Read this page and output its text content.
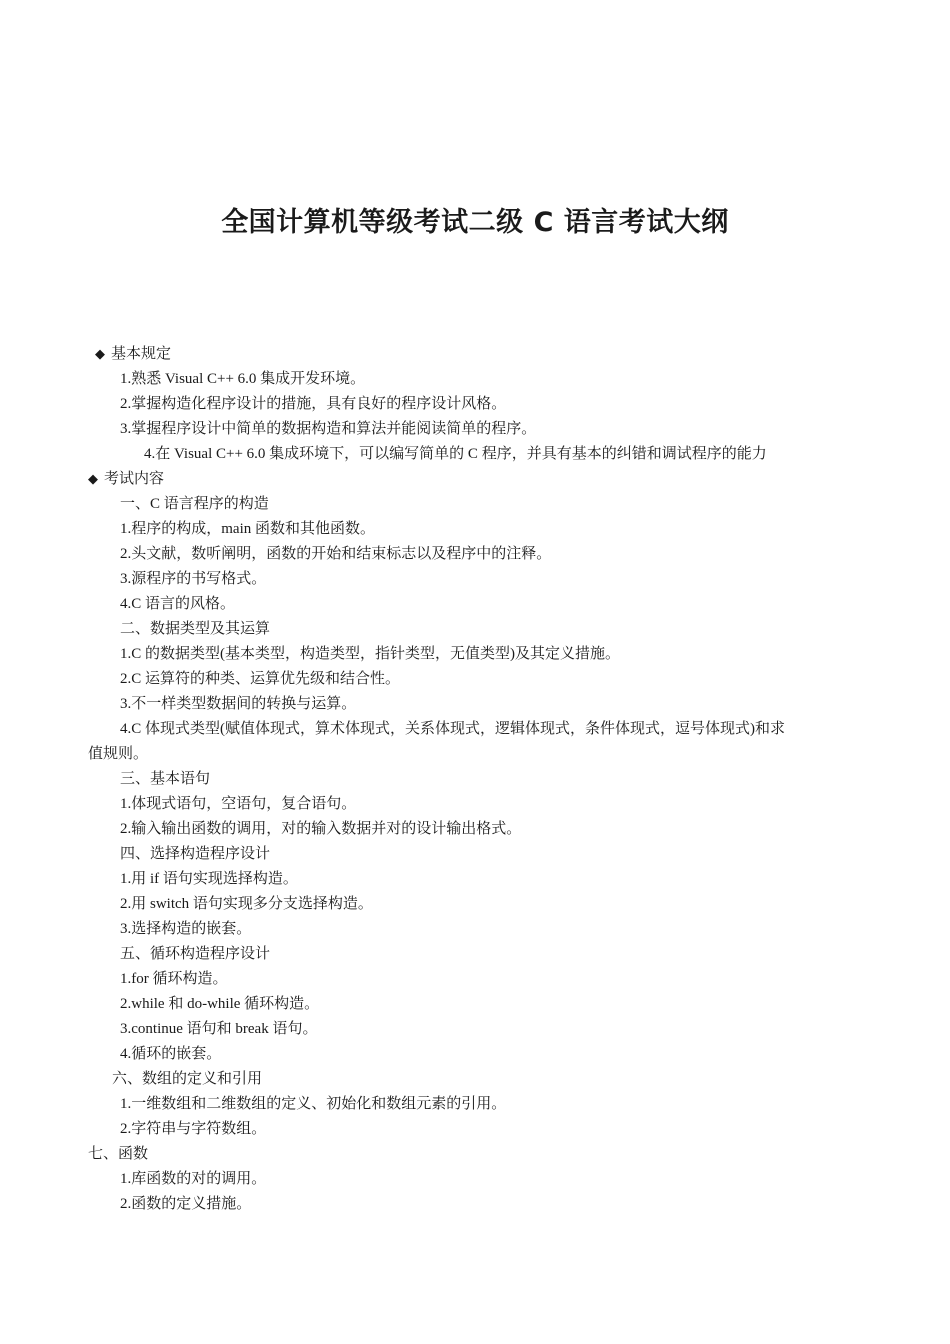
全国计算机等级考试二级 C 语言考试大纲
◆ 基本规定
1.熟悉 Visual C++ 6.0 集成开发环境。
2.掌握构造化程序设计的措施，具有良好的程序设计风格。
3.掌握程序设计中简单的数据构造和算法并能阅读简单的程序。
4.在 Visual C++ 6.0 集成环境下，可以编写简单的 C 程序，并具有基本的纠错和调试程序的能力
◆ 考试内容
一、C 语言程序的构造
1.程序的构成，main 函数和其他函数。
2.头文献，数听阐明，函数的开始和结束标志以及程序中的注释。
3.源程序的书写格式。
4.C 语言的风格。
二、数据类型及其运算
1.C 的数据类型(基本类型，构造类型，指针类型，无值类型)及其定义措施。
2.C 运算符的种类、运算优先级和结合性。
3.不一样类型数据间的转换与运算。
4.C 体现式类型(赋值体现式，算术体现式，关系体现式，逻辑体现式，条件体现式，逗号体现式)和求
值规则。
三、基本语句
1.体现式语句，空语句，复合语句。
2.输入输出函数的调用，对的输入数据并对的设计输出格式。
四、选择构造程序设计
1.用 if 语句实现选择构造。
2.用 switch 语句实现多分支选择构造。
3.选择构造的嵌套。
五、循环构造程序设计
1.for 循环构造。
2.while 和 do-while 循环构造。
3.continue 语句和 break 语句。
4.循环的嵌套。
六、数组的定义和引用
1.一维数组和二维数组的定义、初始化和数组元素的引用。
2.字符串与字符数组。
七、函数
1.库函数的对的调用。
2.函数的定义措施。
